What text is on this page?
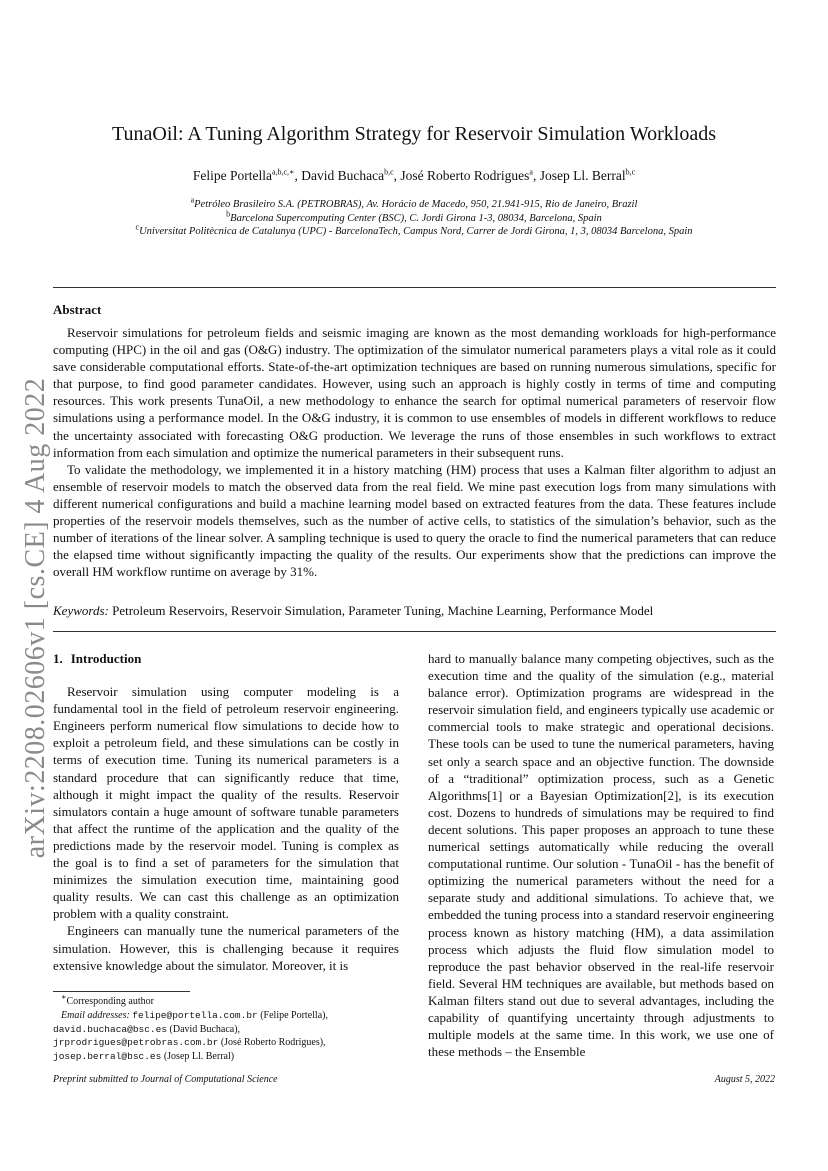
arXiv:2208.02606v1 [cs.CE] 4 Aug 2022
TunaOil: A Tuning Algorithm Strategy for Reservoir Simulation Workloads
Felipe Portella$^{a,b,c,∗}$, David Buchaca$^{b,c}$, José Roberto Rodrigues$^a$, Josep Ll. Berral$^{b,c}$
$^a$Petróleo Brasileiro S.A. (PETROBRAS), Av. Horácio de Macedo, 950, 21.941-915, Rio de Janeiro, Brazil
$^b$Barcelona Supercomputing Center (BSC), C. Jordi Girona 1-3, 08034, Barcelona, Spain
$^c$Universitat Politècnica de Catalunya (UPC) - BarcelonaTech, Campus Nord, Carrer de Jordi Girona, 1, 3, 08034 Barcelona, Spain
Abstract

Reservoir simulations for petroleum fields and seismic imaging are known as the most demanding workloads for high-performance computing (HPC) in the oil and gas (O&G) industry. The optimization of the simulator numerical parameters plays a vital role as it could save considerable computational efforts. State-of-the-art optimization techniques are based on running numerous simulations, specific for that purpose, to find good parameter candidates. However, using such an approach is highly costly in terms of time and computing resources. This work presents TunaOil, a new methodology to enhance the search for optimal numerical parameters of reservoir flow simulations using a performance model. In the O&G industry, it is common to use ensembles of models in different workflows to reduce the uncertainty associated with forecasting O&G production. We leverage the runs of those ensembles in such workflows to extract information from each simulation and optimize the numerical parameters in their subsequent runs.

To validate the methodology, we implemented it in a history matching (HM) process that uses a Kalman filter algorithm to adjust an ensemble of reservoir models to match the observed data from the real field. We mine past execution logs from many simulations with different numerical configurations and build a machine learning model based on extracted features from the data. These features include properties of the reservoir models themselves, such as the number of active cells, to statistics of the simulation’s behavior, such as the number of iterations of the linear solver. A sampling technique is used to query the oracle to find the numerical parameters that can reduce the elapsed time without significantly impacting the quality of the results. Our experiments show that the predictions can improve the overall HM workflow runtime on average by 31%.

Keywords: Petroleum Reservoirs, Reservoir Simulation, Parameter Tuning, Machine Learning, Performance Model
1. Introduction

Reservoir simulation using computer modeling is a fundamental tool in the field of petroleum reservoir engineering. Engineers perform numerical flow simulations to decide how to exploit a petroleum field, and these simulations can be costly in terms of execution time. Tuning its numerical parameters is a standard procedure that can significantly reduce that time, although it might impact the quality of the results. Reservoir simulators contain a huge amount of software tunable parameters that affect the runtime of the application and the quality of the predictions made by the reservoir model. Tuning is complex as the goal is to find a set of parameters for the simulation that minimizes the simulation execution time, maintaining good quality results. We can cast this challenge as an optimization problem with a quality constraint.

Engineers can manually tune the numerical parameters of the simulation. However, this is challenging because it requires extensive knowledge about the simulator. Moreover, it is

hard to manually balance many competing objectives, such as the execution time and the quality of the simulation (e.g., material balance error). Optimization programs are widespread in the reservoir simulation field, and engineers typically use academic or commercial tools to make strategic and operational decisions. These tools can be used to tune the numerical parameters, having set only a search space and an objective function. The downside of a “traditional” optimization process, such as a Genetic Algorithms[1] or a Bayesian Optimization[2], is its execution cost. Dozens to hundreds of simulations may be required to find decent solutions. This paper proposes an approach to tune these numerical settings automatically while reducing the overall computational runtime. Our solution - TunaOil - has the benefit of optimizing the numerical parameters without the need for a separate study and additional simulations. To achieve that, we embedded the tuning process into a standard reservoir engineering process known as history matching (HM), a data assimilation process which adjusts the fluid flow simulation model to reproduce the past behavior observed in the real-life reservoir field. Several HM techniques are available, but methods based on Kalman filters stand out due to several advantages, including the capability of quantifying uncertainty through adjustments to multiple models at the same time. In this work, we use one of these methods – the Ensemble

∗Corresponding author
Email addresses: felipe@portella.com.br (Felipe Portella),
david.buchaca@bsc.es (David Buchaca),
jrprodrigues@petrobras.com.br (José Roberto Rodrigues),
josep.berral@bsc.es (Josep Ll. Berral)
Preprint submitted to Journal of Computational Science	August 5, 2022
